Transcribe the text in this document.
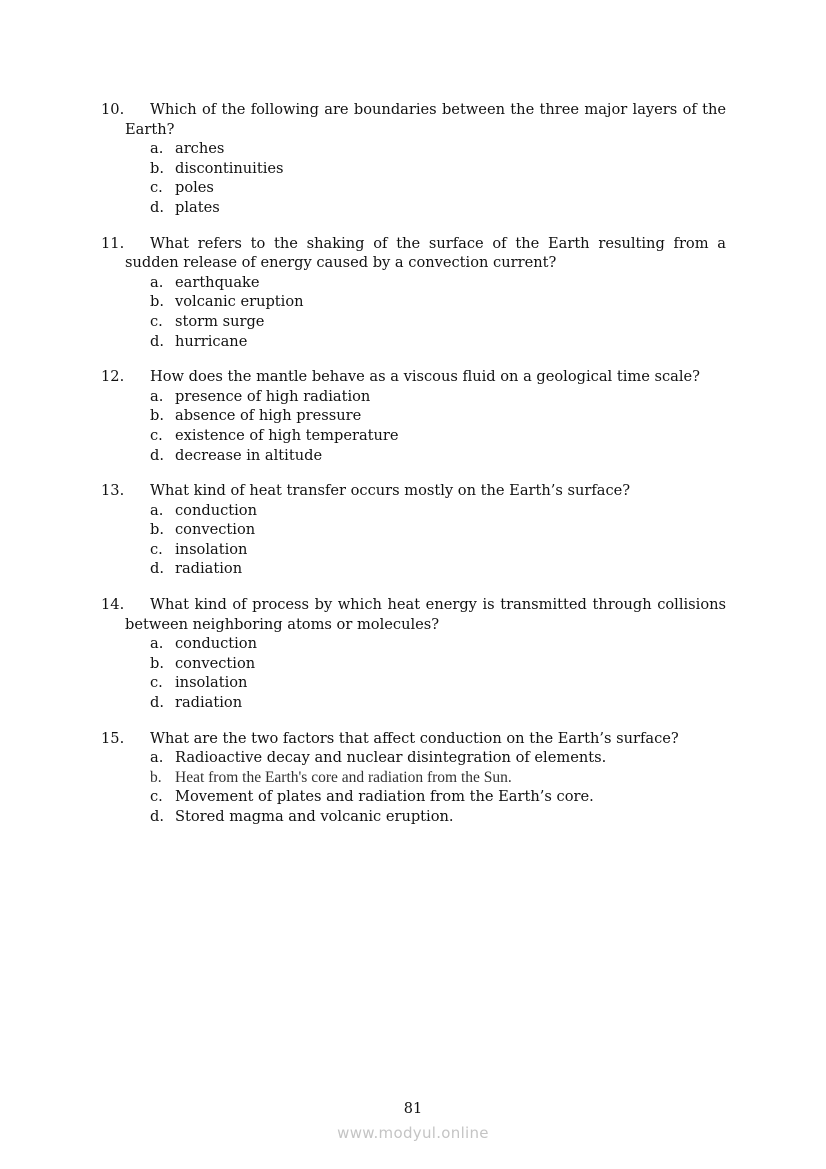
10. Which of the following are boundaries between the three major layers of the Earth?

a. arches
b. discontinuities
c. poles
d. plates

11. What refers to the shaking of the surface of the Earth resulting from a sudden release of energy caused by a convection current?

a. earthquake
b. volcanic eruption
c. storm surge
d. hurricane

12. How does the mantle behave as a viscous fluid on a geological time scale?

a. presence of high radiation
b. absence of high pressure
c. existence of high temperature
d. decrease in altitude

13. What kind of heat transfer occurs mostly on the Earth’s surface?

a. conduction
b. convection
c. insolation
d. radiation

14. What kind of process by which heat energy is transmitted through collisions between neighboring atoms or molecules?

a. conduction
b. convection
c. insolation
d. radiation

15. What are the two factors that affect conduction on the Earth’s surface?

a. Radioactive decay and nuclear disintegration of elements.
b. Heat from the Earth's core and radiation from the Sun.
c. Movement of plates and radiation from the Earth’s core.
d. Stored magma and volcanic eruption.
81
www.modyul.online
